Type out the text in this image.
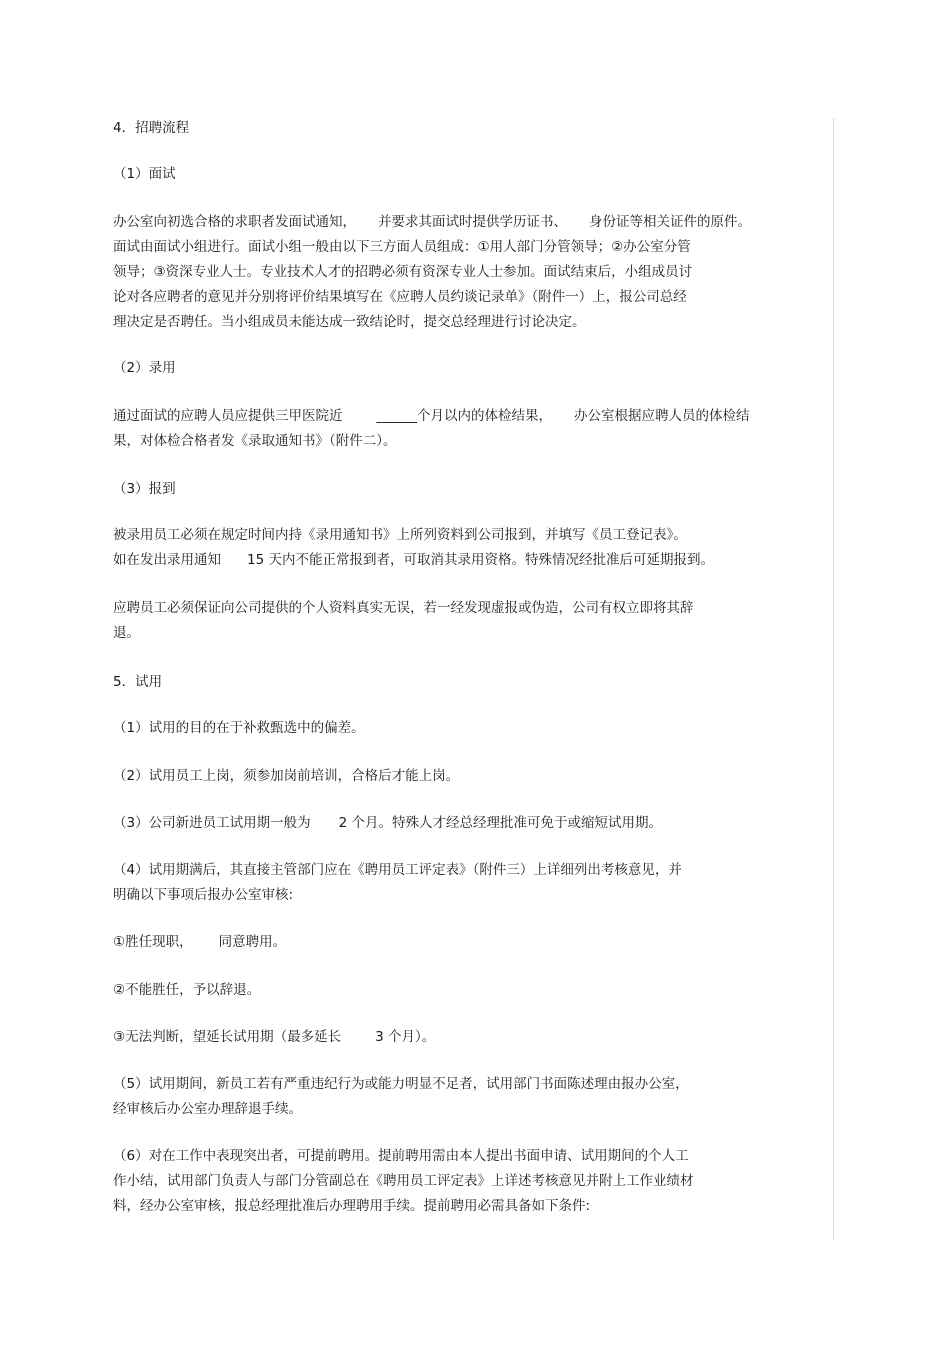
4．招聘流程
（1）面试
办公室向初选合格的求职者发面试通知， 并要求其面试时提供学历证书、 身份证等相关证件的原件。
面试由面试小组进行。面试小组一般由以下三方面人员组成：①用人部门分管领导；②办公室分管
领导；③资深专业人士。专业技术人才的招聘必须有资深专业人士参加。面试结束后，小组成员讨
论对各应聘者的意见并分别将评价结果填写在《应聘人员约谈记录单》（附件一）上，报公司总经
理决定是否聘任。当小组成员未能达成一致结论时，提交总经理进行讨论决定。
（2）录用
通过面试的应聘人员应提供三甲医院近	______个月以内的体检结果， 办公室根据应聘人员的体检结
果，对体检合格者发《录取通知书》（附件二）。
（3）报到
被录用员工必须在规定时间内持《录用通知书》上所列资料到公司报到，并填写《员工登记表》。
如在发出录用通知 15 天内不能正常报到者，可取消其录用资格。特殊情况经批准后可延期报到。
应聘员工必须保证向公司提供的个人资料真实无误，若一经发现虚报或伪造，公司有权立即将其辞
退。
5．试用
（1）试用的目的在于补救甄选中的偏差。
（2）试用员工上岗，须参加岗前培训，合格后才能上岗。
（3）公司新进员工试用期一般为 2 个月。特殊人才经总经理批准可免于或缩短试用期。
（4）试用期满后，其直接主管部门应在《聘用员工评定表》（附件三）上详细列出考核意见，并
明确以下事项后报办公室审核:
①胜任现职， 同意聘用。
②不能胜任，予以辞退。
③无法判断，望延长试用期（最多延长	3 个月）。
（5）试用期间，新员工若有严重违纪行为或能力明显不足者，试用部门书面陈述理由报办公室，
经审核后办公室办理辞退手续。
（6）对在工作中表现突出者，可提前聘用。提前聘用需由本人提出书面申请、试用期间的个人工
作小结，试用部门负责人与部门分管副总在《聘用员工评定表》上详述考核意见并附上工作业绩材
料，经办公室审核，报总经理批准后办理聘用手续。提前聘用必需具备如下条件:
